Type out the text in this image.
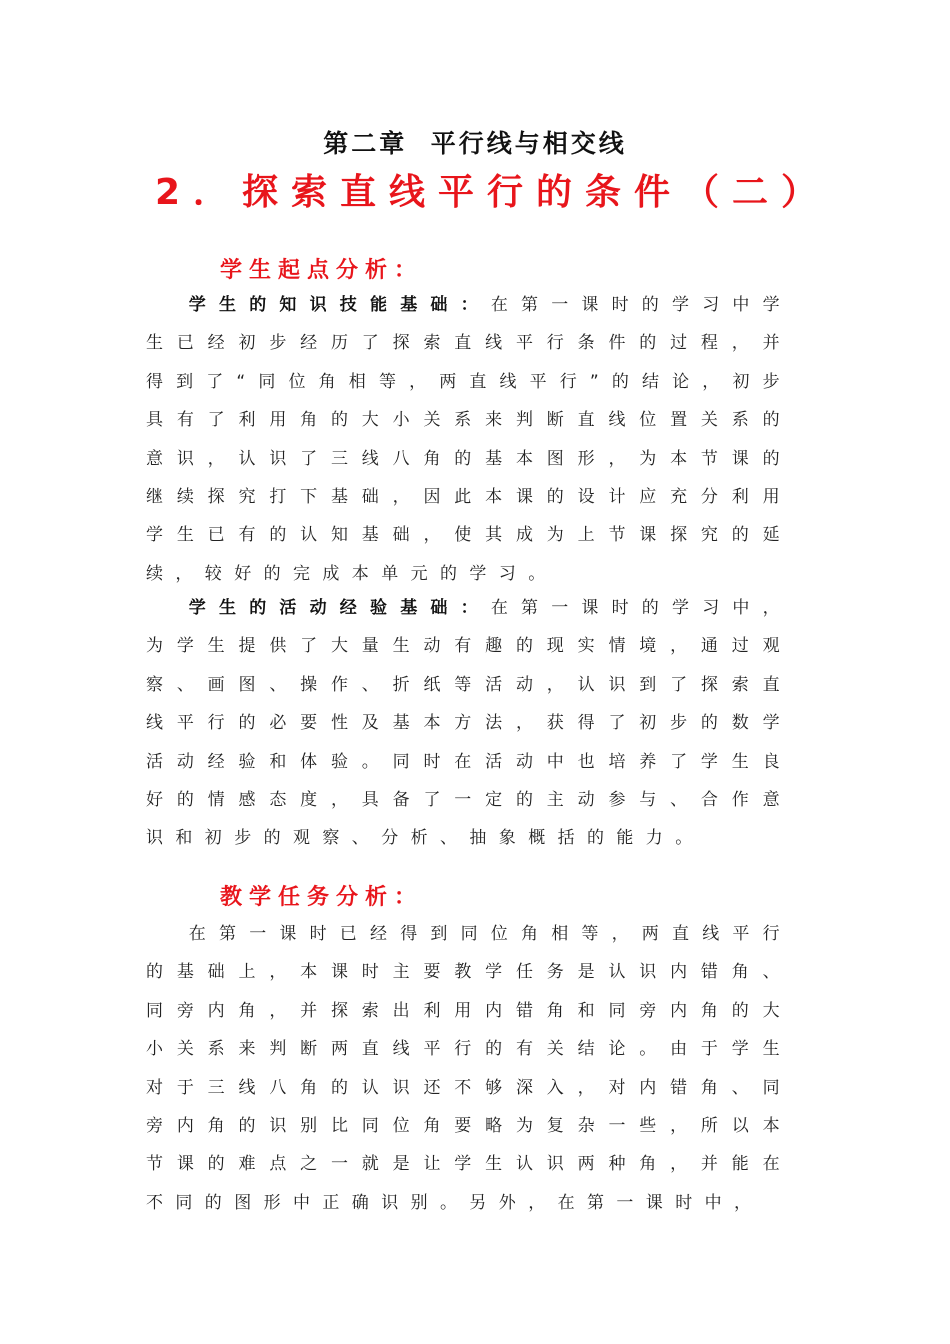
第二章  平行线与相交线
2．探索直线平行的条件（二）
学生起点分析：
学生的知识技能基础：在第一课时的学习中学生已经初步经历了探索直线平行条件的过程，并得到了“同位角相等，两直线平行”的结论，初步具有了利用角的大小关系来判断直线位置关系的意识，认识了三线八角的基本图形，为本节课的继续探究打下基础，因此本课的设计应充分利用学生已有的认知基础，使其成为上节课探究的延续，较好的完成本单元的学习。
学生的活动经验基础：在第一课时的学习中，为学生提供了大量生动有趣的现实情境，通过观察、画图、操作、折纸等活动，认识到了探索直线平行的必要性及基本方法，获得了初步的数学活动经验和体验。同时在活动中也培养了学生良好的情感态度，具备了一定的主动参与、合作意识和初步的观察、分析、抽象概括的能力。
教学任务分析：
在第一课时已经得到同位角相等，两直线平行的基础上，本课时主要教学任务是认识内错角、同旁内角，并探索出利用内错角和同旁内角的大小关系来判断两直线平行的有关结论。由于学生对于三线八角的认识还不够深入，对内错角、同旁内角的识别比同位角要略为复杂一些，所以本节课的难点之一就是让学生认识两种角，并能在不同的图形中正确识别。另外，在第一课时中，
